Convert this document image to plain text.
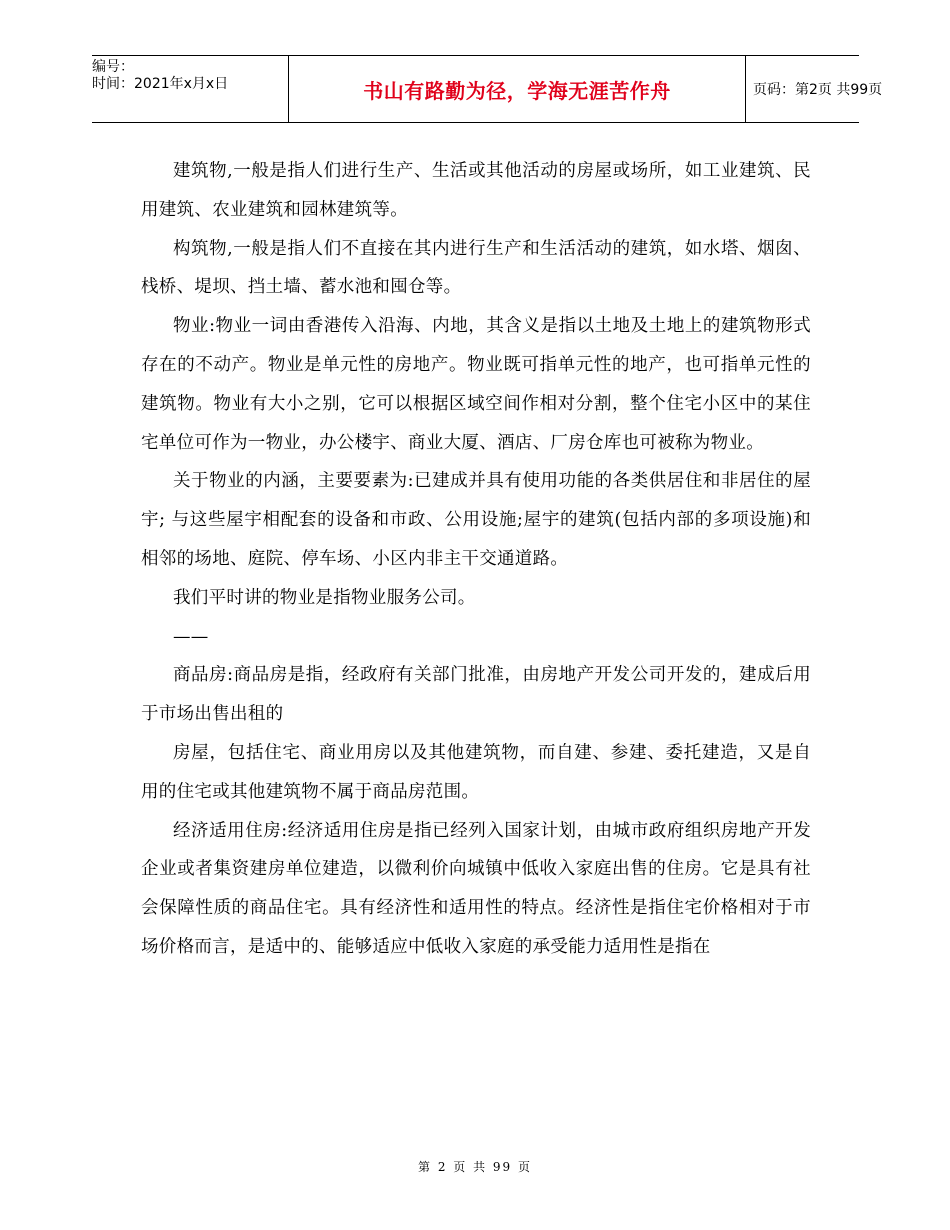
编号：
时间：2021年x月x日	书山有路勤为径，学海无涯苦作舟	页码：第2页 共99页

建筑物,一般是指人们进行生产、生活或其他活动的房屋或场所，如工业建筑、民用建筑、农业建筑和园林建筑等。

构筑物,一般是指人们不直接在其内进行生产和生活活动的建筑，如水塔、烟囱、栈桥、堤坝、挡土墙、蓄水池和囤仓等。

物业:物业一词由香港传入沿海、内地，其含义是指以土地及土地上的建筑物形式存在的不动产。物业是单元性的房地产。物业既可指单元性的地产，也可指单元性的建筑物。物业有大小之别，它可以根据区域空间作相对分割，整个住宅小区中的某住宅单位可作为一物业，办公楼宇、商业大厦、酒店、厂房仓库也可被称为物业。

关于物业的内涵，主要要素为:已建成并具有使用功能的各类供居住和非居住的屋宇; 与这些屋宇相配套的设备和市政、公用设施;屋宇的建筑(包括内部的多项设施)和相邻的场地、庭院、停车场、小区内非主干交通道路。

我们平时讲的物业是指物业服务公司。

——

商品房:商品房是指，经政府有关部门批准，由房地产开发公司开发的，建成后用于市场出售出租的

房屋，包括住宅、商业用房以及其他建筑物，而自建、参建、委托建造，又是自用的住宅或其他建筑物不属于商品房范围。

经济适用住房:经济适用住房是指已经列入国家计划，由城市政府组织房地产开发企业或者集资建房单位建造，以微利价向城镇中低收入家庭出售的住房。它是具有社会保障性质的商品住宅。具有经济性和适用性的特点。经济性是指住宅价格相对于市场价格而言，是适中的、能够适应中低收入家庭的承受能力适用性是指在

第 2 页 共 99 页
